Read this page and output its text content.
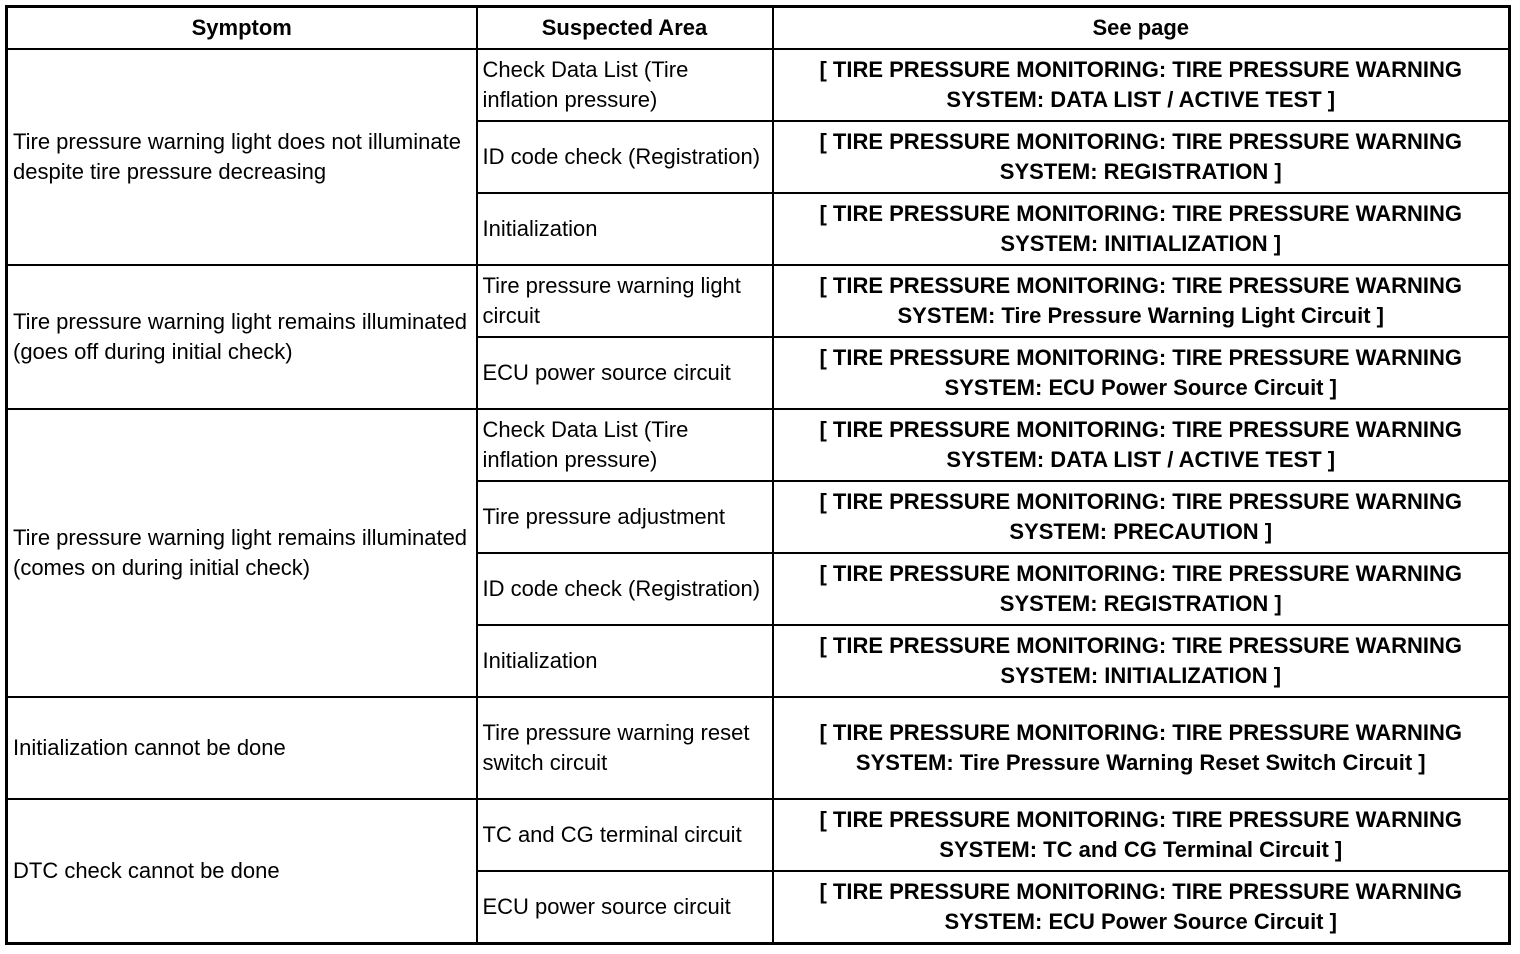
Symptom	Suspected Area	See page
Tire pressure warning light does not illuminate despite tire pressure decreasing	Check Data List (Tire inflation pressure)	[ TIRE PRESSURE MONITORING: TIRE PRESSURE WARNING SYSTEM: DATA LIST / ACTIVE TEST ]
	ID code check (Registration)	[ TIRE PRESSURE MONITORING: TIRE PRESSURE WARNING SYSTEM: REGISTRATION ]
	Initialization	[ TIRE PRESSURE MONITORING: TIRE PRESSURE WARNING SYSTEM: INITIALIZATION ]
Tire pressure warning light remains illuminated (goes off during initial check)	Tire pressure warning light circuit	[ TIRE PRESSURE MONITORING: TIRE PRESSURE WARNING SYSTEM: Tire Pressure Warning Light Circuit ]
	ECU power source circuit	[ TIRE PRESSURE MONITORING: TIRE PRESSURE WARNING SYSTEM: ECU Power Source Circuit ]
Tire pressure warning light remains illuminated (comes on during initial check)	Check Data List (Tire inflation pressure)	[ TIRE PRESSURE MONITORING: TIRE PRESSURE WARNING SYSTEM: DATA LIST / ACTIVE TEST ]
	Tire pressure adjustment	[ TIRE PRESSURE MONITORING: TIRE PRESSURE WARNING SYSTEM: PRECAUTION ]
	ID code check (Registration)	[ TIRE PRESSURE MONITORING: TIRE PRESSURE WARNING SYSTEM: REGISTRATION ]
	Initialization	[ TIRE PRESSURE MONITORING: TIRE PRESSURE WARNING SYSTEM: INITIALIZATION ]
Initialization cannot be done	Tire pressure warning reset switch circuit	[ TIRE PRESSURE MONITORING: TIRE PRESSURE WARNING SYSTEM: Tire Pressure Warning Reset Switch Circuit ]
DTC check cannot be done	TC and CG terminal circuit	[ TIRE PRESSURE MONITORING: TIRE PRESSURE WARNING SYSTEM: TC and CG Terminal Circuit ]
	ECU power source circuit	[ TIRE PRESSURE MONITORING: TIRE PRESSURE WARNING SYSTEM: ECU Power Source Circuit ]
